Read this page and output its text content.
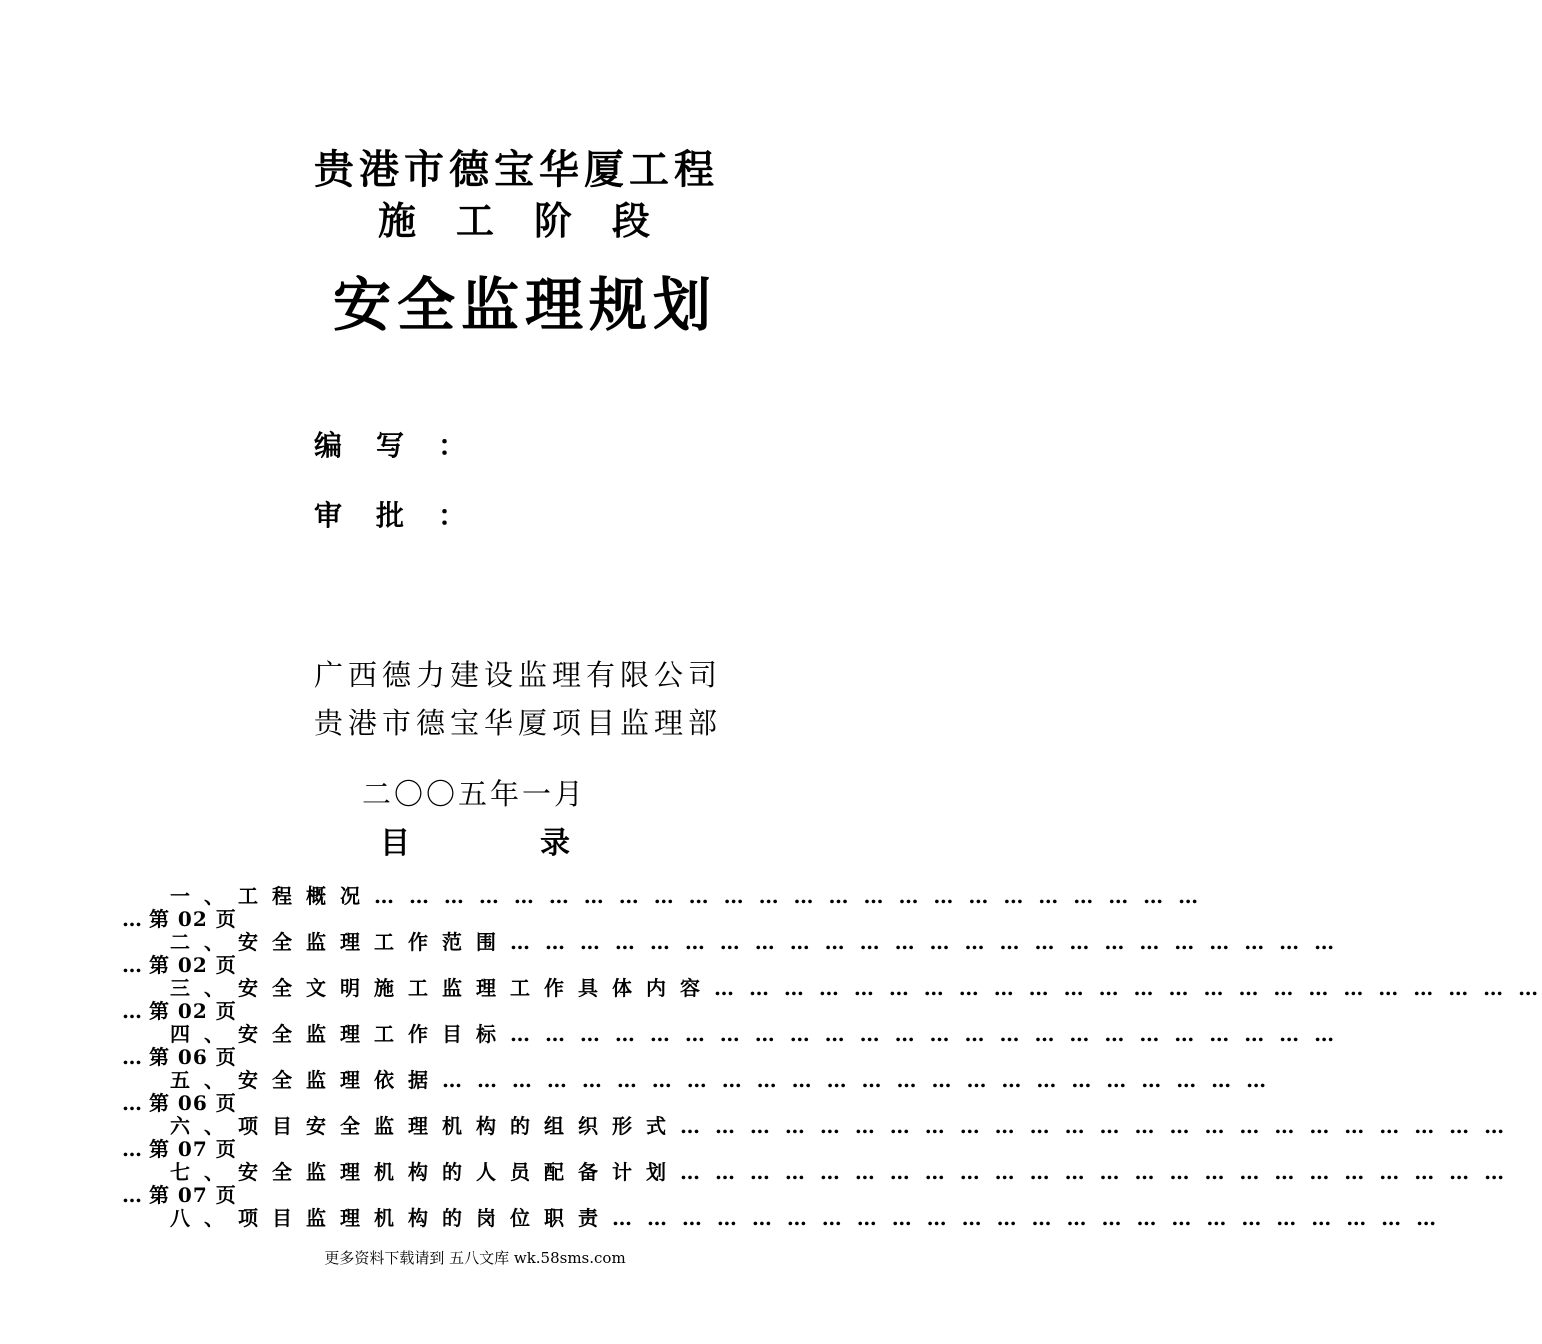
贵港市德宝华厦工程
施工阶段
安全监理规划
编写：
审批：
广西德力建设监理有限公司
贵港市德宝华厦项目监理部
二〇〇五年一月
目录
一、工程概况 … … … … … … … … … … … … … … … … … … … … … … … …
… 第 02 页
二、安全监理工作范围 … … … … … … … … … … … … … … … … … … … … … … … …
… 第 02 页
三、安全文明施工监理工作具体内容 … … … … … … … … … … … … … … … … … … … … … … … …
… 第 02 页
四、安全监理工作目标 … … … … … … … … … … … … … … … … … … … … … … … …
… 第 06 页
五、安全监理依据 … … … … … … … … … … … … … … … … … … … … … … … …
… 第 06 页
六、项目安全监理机构的组织形式 … … … … … … … … … … … … … … … … … … … … … … … …
… 第 07 页
七、安全监理机构的人员配备计划 … … … … … … … … … … … … … … … … … … … … … … … …
… 第 07 页
八、项目监理机构的岗位职责 … … … … … … … … … … … … … … … … … … … … … … … …
更多资料下载请到 五八文库 wk.58sms.com
